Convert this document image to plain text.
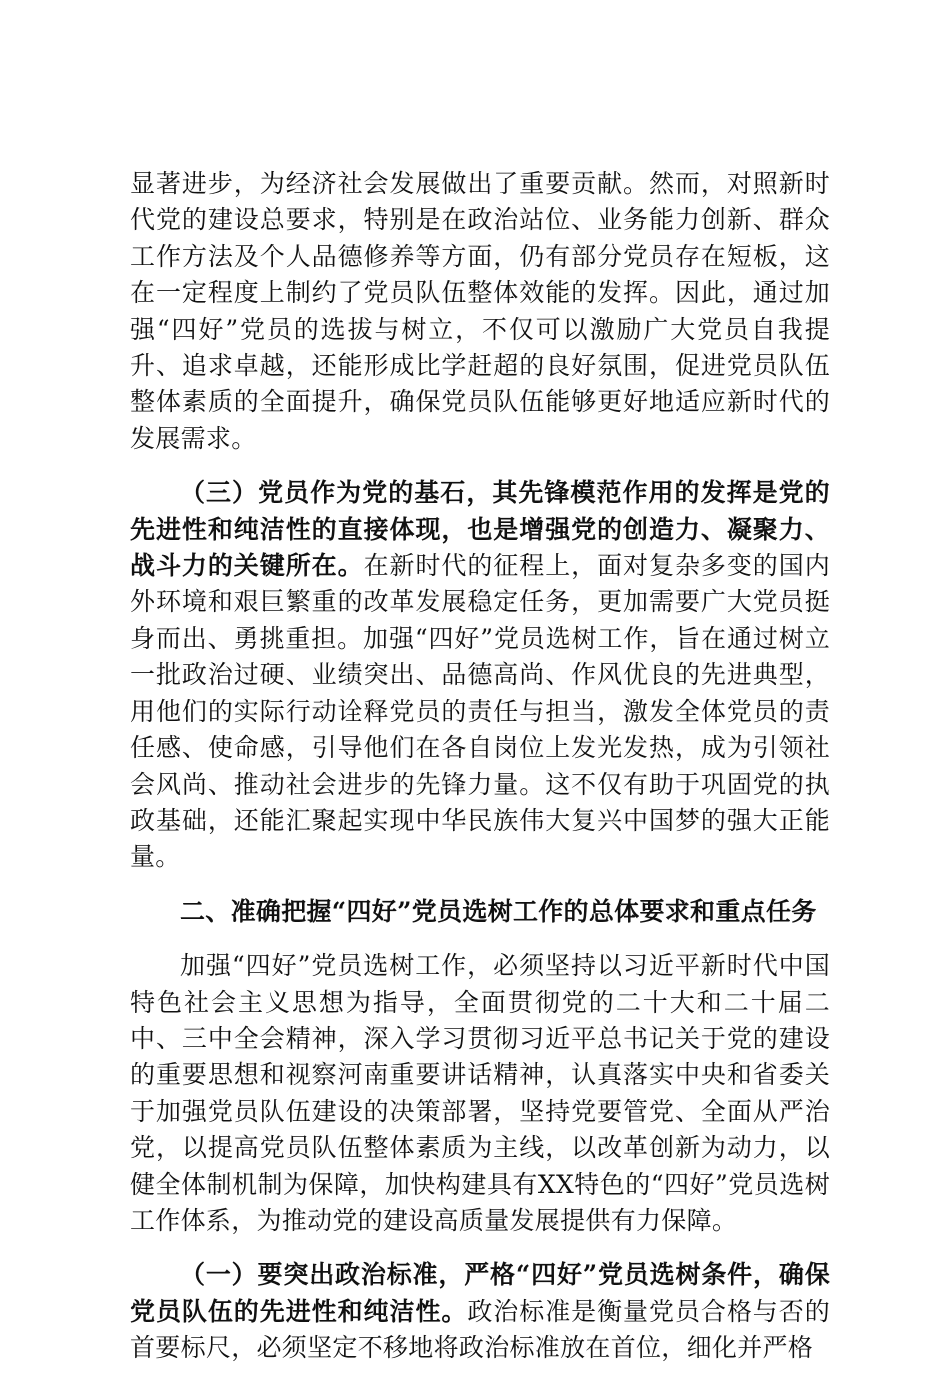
显著进步，为经济社会发展做出了重要贡献。然而，对照新时代党的建设总要求，特别是在政治站位、业务能力创新、群众工作方法及个人品德修养等方面，仍有部分党员存在短板，这在一定程度上制约了党员队伍整体效能的发挥。因此，通过加强“四好”党员的选拔与树立，不仅可以激励广大党员自我提升、追求卓越，还能形成比学赶超的良好氛围，促进党员队伍整体素质的全面提升，确保党员队伍能够更好地适应新时代的发展需求。

（三）党员作为党的基石，其先锋模范作用的发挥是党的先进性和纯洁性的直接体现，也是增强党的创造力、凝聚力、战斗力的关键所在。在新时代的征程上，面对复杂多变的国内外环境和艰巨繁重的改革发展稳定任务，更加需要广大党员挺身而出、勇挑重担。加强“四好”党员选树工作，旨在通过树立一批政治过硬、业绩突出、品德高尚、作风优良的先进典型，用他们的实际行动诠释党员的责任与担当，激发全体党员的责任感、使命感，引导他们在各自岗位上发光发热，成为引领社会风尚、推动社会进步的先锋力量。这不仅有助于巩固党的执政基础，还能汇聚起实现中华民族伟大复兴中国梦的强大正能量。

二、准确把握“四好”党员选树工作的总体要求和重点任务

加强“四好”党员选树工作，必须坚持以习近平新时代中国特色社会主义思想为指导，全面贯彻党的二十大和二十届二中、三中全会精神，深入学习贯彻习近平总书记关于党的建设的重要思想和视察河南重要讲话精神，认真落实中央和省委关于加强党员队伍建设的决策部署，坚持党要管党、全面从严治党，以提高党员队伍整体素质为主线，以改革创新为动力，以健全体制机制为保障，加快构建具有XX特色的“四好”党员选树工作体系，为推动党的建设高质量发展提供有力保障。

（一）要突出政治标准，严格“四好”党员选树条件，确保党员队伍的先进性和纯洁性。政治标准是衡量党员合格与否的首要标尺，必须坚定不移地将政治标准放在首位，细化并严格
